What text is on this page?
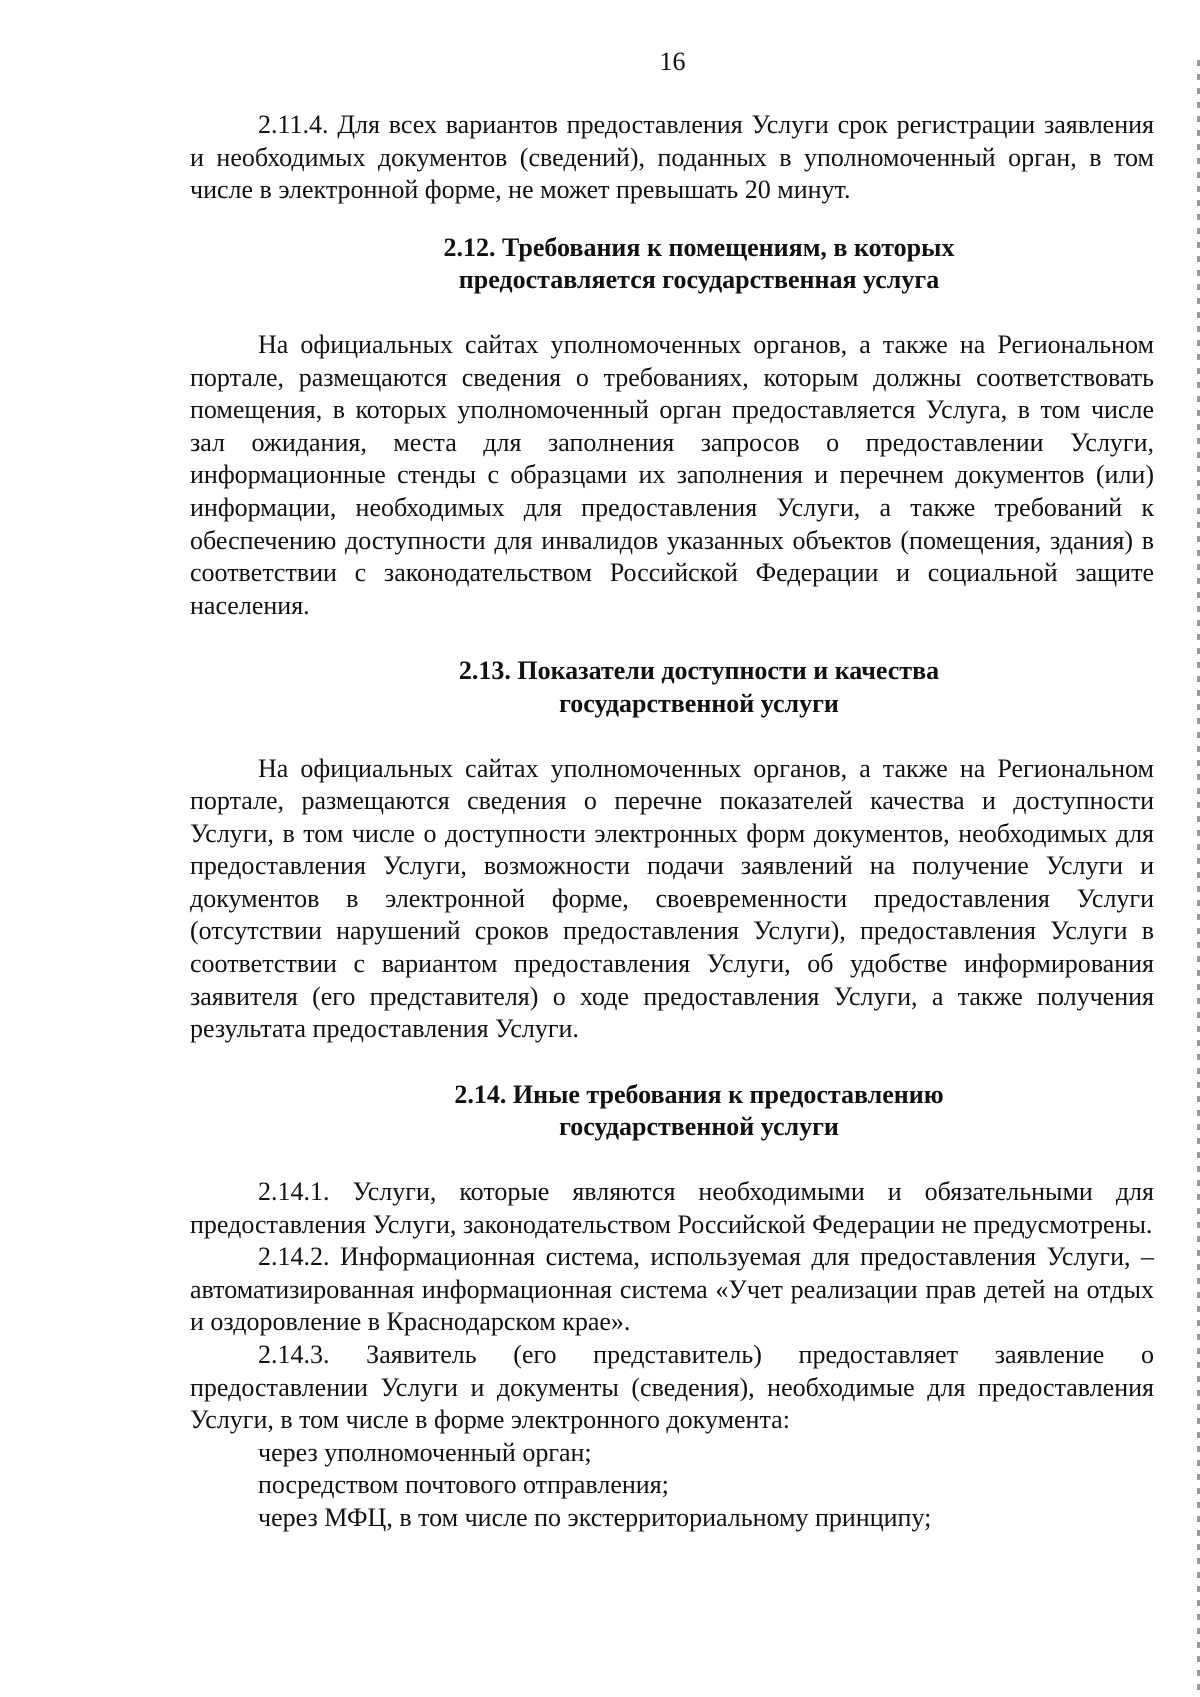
16

2.11.4. Для всех вариантов предоставления Услуги срок регистрации заявления и необходимых документов (сведений), поданных в уполномоченный орган, в том числе в электронной форме, не может превышать 20 минут.

2.12. Требования к помещениям, в которых
предоставляется государственная услуга

На официальных сайтах уполномоченных органов, а также на Региональном портале, размещаются сведения о требованиях, которым должны соответствовать помещения, в которых уполномоченный орган предоставляется Услуга, в том числе зал ожидания, места для заполнения запросов о предоставлении Услуги, информационные стенды с образцами их заполнения и перечнем документов (или) информации, необходимых для предоставления Услуги, а также требований к обеспечению доступности для инвалидов указанных объектов (помещения, здания) в соответствии с законодательством Российской Федерации и социальной защите населения.

2.13. Показатели доступности и качества
государственной услуги

На официальных сайтах уполномоченных органов, а также на Региональном портале, размещаются сведения о перечне показателей качества и доступности Услуги, в том числе о доступности электронных форм документов, необходимых для предоставления Услуги, возможности подачи заявлений на получение Услуги и документов в электронной форме, своевременности предоставления Услуги (отсутствии нарушений сроков предоставления Услуги), предоставления Услуги в соответствии с вариантом предоставления Услуги, об удобстве информирования заявителя (его представителя) о ходе предоставления Услуги, а также получения результата предоставления Услуги.

2.14. Иные требования к предоставлению
государственной услуги

2.14.1. Услуги, которые являются необходимыми и обязательными для предоставления Услуги, законодательством Российской Федерации не предусмотрены.

2.14.2. Информационная система, используемая для предоставления Услуги, – автоматизированная информационная система «Учет реализации прав детей на отдых и оздоровление в Краснодарском крае».

2.14.3. Заявитель (его представитель) предоставляет заявление о предоставлении Услуги и документы (сведения), необходимые для предоставления Услуги, в том числе в форме электронного документа:

через уполномоченный орган;

посредством почтового отправления;

через МФЦ, в том числе по экстерриториальному принципу;
